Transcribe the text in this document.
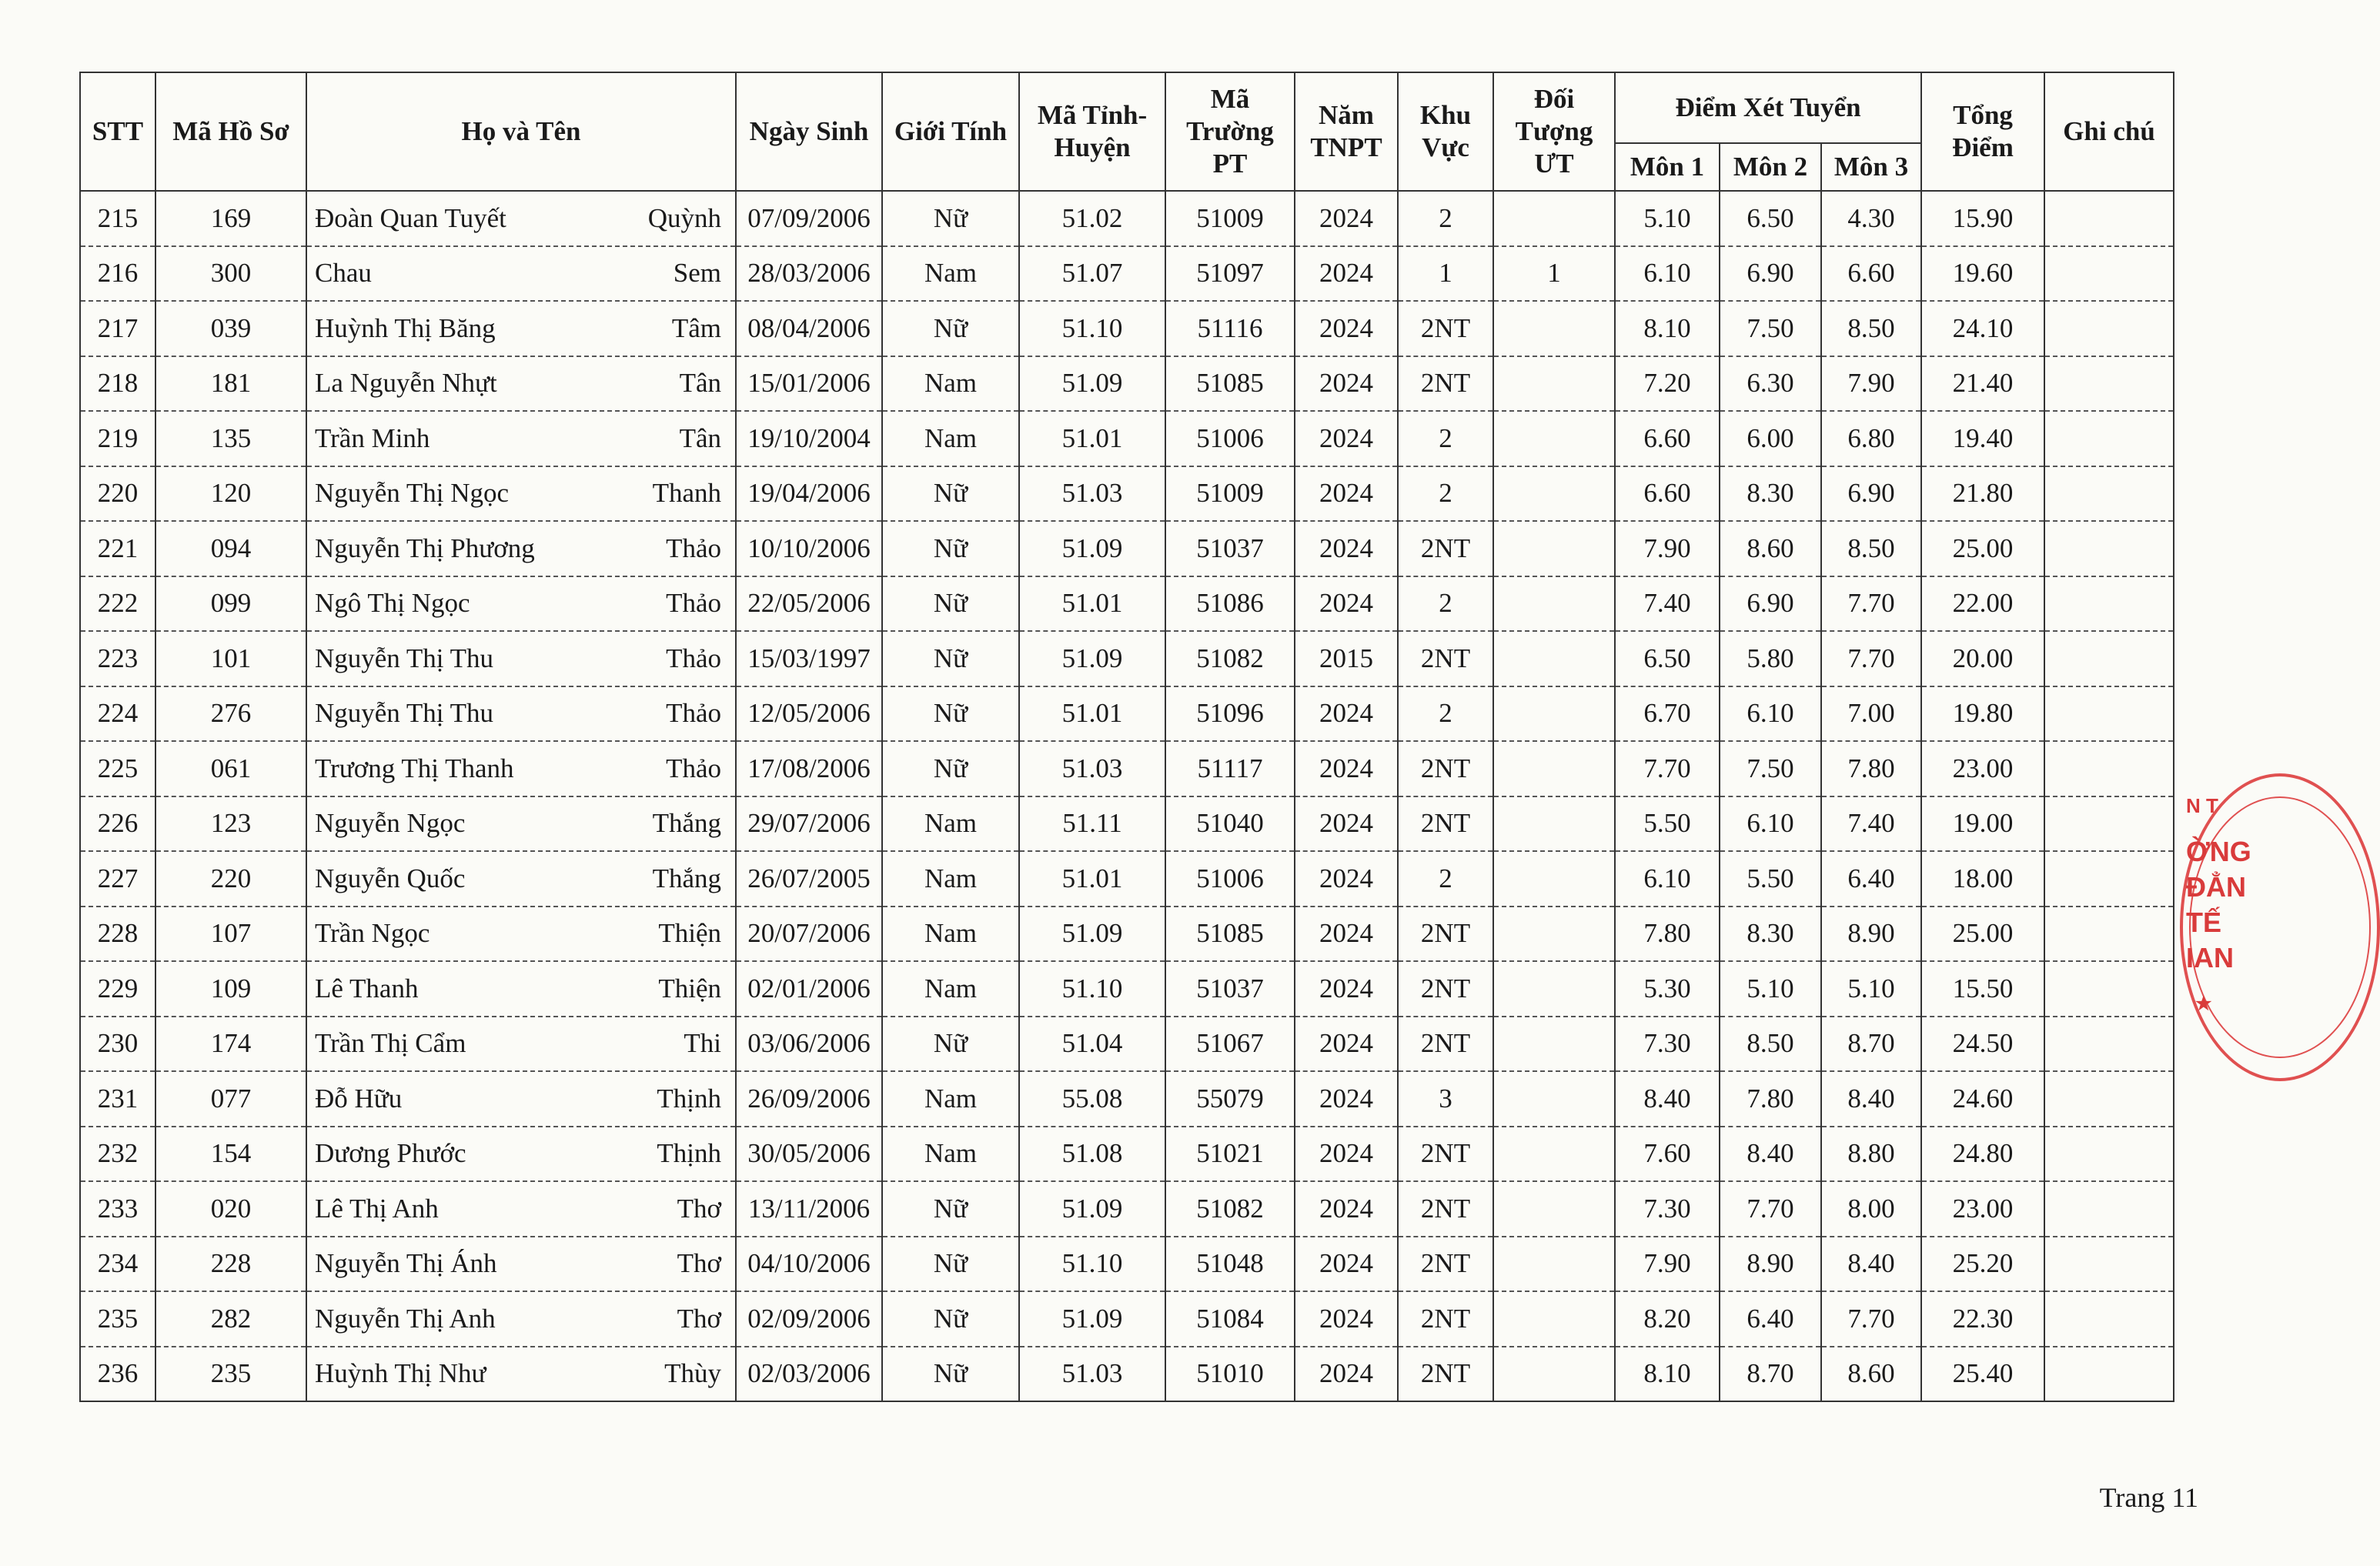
STT	Mã Hồ Sơ	Họ và Tên	Ngày Sinh	Giới Tính	Mã Tỉnh-Huyện	Mã Trường PT	Năm TNPT	Khu Vực	Đối Tượng ƯT	Điểm Xét Tuyển			Tổng Điểm	Ghi chú
										Môn 1	Môn 2	Môn 3		
215	169	Đoàn Quan Tuyết Quỳnh	07/09/2006	Nữ	51.02	51009	2024	2		5.10	6.50	4.30	15.90	
216	300	Chau Sem	28/03/2006	Nam	51.07	51097	2024	1	1	6.10	6.90	6.60	19.60	
217	039	Huỳnh Thị Băng Tâm	08/04/2006	Nữ	51.10	51116	2024	2NT		8.10	7.50	8.50	24.10	
218	181	La Nguyễn Nhựt Tân	15/01/2006	Nam	51.09	51085	2024	2NT		7.20	6.30	7.90	21.40	
219	135	Trần Minh Tân	19/10/2004	Nam	51.01	51006	2024	2		6.60	6.00	6.80	19.40	
220	120	Nguyễn Thị Ngọc Thanh	19/04/2006	Nữ	51.03	51009	2024	2		6.60	8.30	6.90	21.80	
221	094	Nguyễn Thị Phương Thảo	10/10/2006	Nữ	51.09	51037	2024	2NT		7.90	8.60	8.50	25.00	
222	099	Ngô Thị Ngọc Thảo	22/05/2006	Nữ	51.01	51086	2024	2		7.40	6.90	7.70	22.00	
223	101	Nguyễn Thị Thu Thảo	15/03/1997	Nữ	51.09	51082	2015	2NT		6.50	5.80	7.70	20.00	
224	276	Nguyễn Thị Thu Thảo	12/05/2006	Nữ	51.01	51096	2024	2		6.70	6.10	7.00	19.80	
225	061	Trương Thị Thanh Thảo	17/08/2006	Nữ	51.03	51117	2024	2NT		7.70	7.50	7.80	23.00	
226	123	Nguyễn Ngọc Thắng	29/07/2006	Nam	51.11	51040	2024	2NT		5.50	6.10	7.40	19.00	
227	220	Nguyễn Quốc Thắng	26/07/2005	Nam	51.01	51006	2024	2		6.10	5.50	6.40	18.00	
228	107	Trần Ngọc Thiện	20/07/2006	Nam	51.09	51085	2024	2NT		7.80	8.30	8.90	25.00	
229	109	Lê Thanh Thiện	02/01/2006	Nam	51.10	51037	2024	2NT		5.30	5.10	5.10	15.50	
230	174	Trần Thị Cẩm Thi	03/06/2006	Nữ	51.04	51067	2024	2NT		7.30	8.50	8.70	24.50	
231	077	Đỗ Hữu Thịnh	26/09/2006	Nam	55.08	55079	2024	3		8.40	7.80	8.40	24.60	
232	154	Dương Phước Thịnh	30/05/2006	Nam	51.08	51021	2024	2NT		7.60	8.40	8.80	24.80	
233	020	Lê Thị Anh Thơ	13/11/2006	Nữ	51.09	51082	2024	2NT		7.30	7.70	8.00	23.00	
234	228	Nguyễn Thị Ánh Thơ	04/10/2006	Nữ	51.10	51048	2024	2NT		7.90	8.90	8.40	25.20	
235	282	Nguyễn Thị Anh Thơ	02/09/2006	Nữ	51.09	51084	2024	2NT		8.20	6.40	7.70	22.30	
236	235	Huỳnh Thị Như Thùy	02/03/2006	Nữ	51.03	51010	2024	2NT		8.10	8.70	8.60	25.40	
N T
ỜNG
ĐẲN
TẾ
IAN
★
Trang 11
